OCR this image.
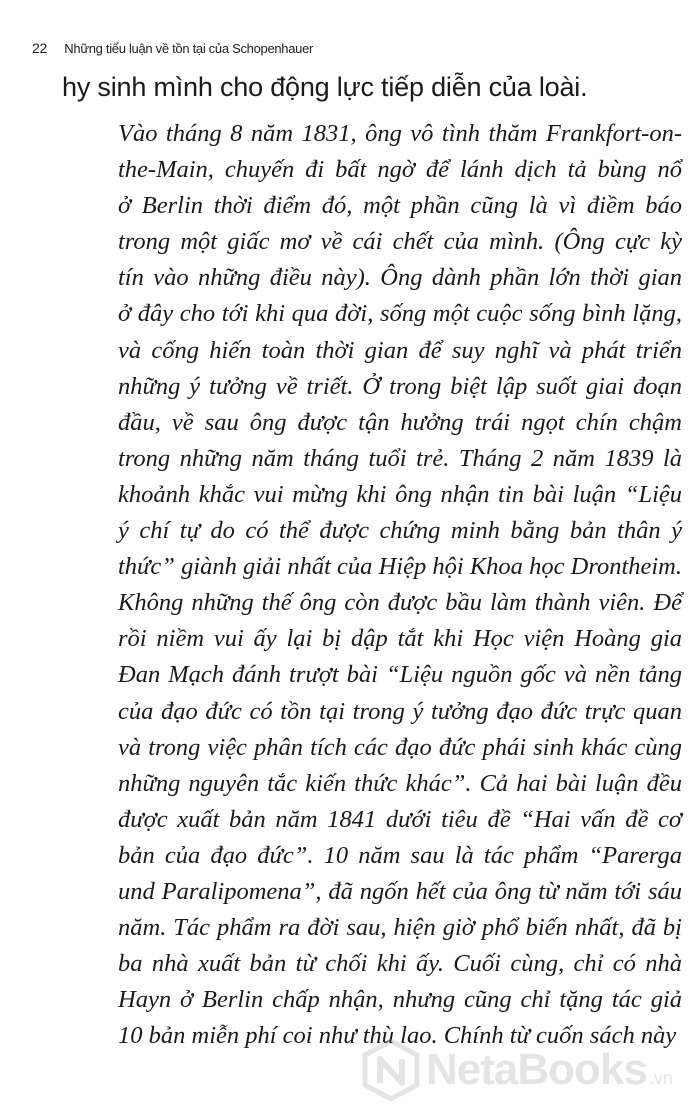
22 Những tiểu luận về tồn tại của Schopenhauer
hy sinh mình cho động lực tiếp diễn của loài.
Vào tháng 8 năm 1831, ông vô tình thăm Frankfort-on-
the-Main, chuyến đi bất ngờ để lánh dịch tả bùng nổ
ở Berlin thời điểm đó, một phần cũng là vì điềm báo
trong một giấc mơ về cái chết của mình. (Ông cực kỳ
tín vào những điều này). Ông dành phần lớn thời gian
ở đây cho tới khi qua đời, sống một cuộc sống bình lặng,
và cống hiến toàn thời gian để suy nghĩ và phát triển
những ý tưởng về triết. Ở trong biệt lập suốt giai đoạn
đầu, về sau ông được tận hưởng trái ngọt chín chậm
trong những năm tháng tuổi trẻ. Tháng 2 năm 1839 là
khoảnh khắc vui mừng khi ông nhận tin bài luận “Liệu
ý chí tự do có thể được chứng minh bằng bản thân ý
thức” giành giải nhất của Hiệp hội Khoa học Drontheim.
Không những thế ông còn được bầu làm thành viên. Để
rồi niềm vui ấy lại bị dập tắt khi Học viện Hoàng gia
Đan Mạch đánh trượt bài “Liệu nguồn gốc và nền tảng
của đạo đức có tồn tại trong ý tưởng đạo đức trực quan
và trong việc phân tích các đạo đức phái sinh khác cùng
những nguyên tắc kiến thức khác”. Cả hai bài luận đều
được xuất bản năm 1841 dưới tiêu đề “Hai vấn đề cơ
bản của đạo đức”. 10 năm sau là tác phẩm “Parerga
und Paralipomena”, đã ngốn hết của ông từ năm tới sáu
năm. Tác phẩm ra đời sau, hiện giờ phổ biến nhất, đã bị
ba nhà xuất bản từ chối khi ấy. Cuối cùng, chỉ có nhà
Hayn ở Berlin chấp nhận, nhưng cũng chỉ tặng tác giả
10 bản miễn phí coi như thù lao. Chính từ cuốn sách này
NetaBooks .vn
